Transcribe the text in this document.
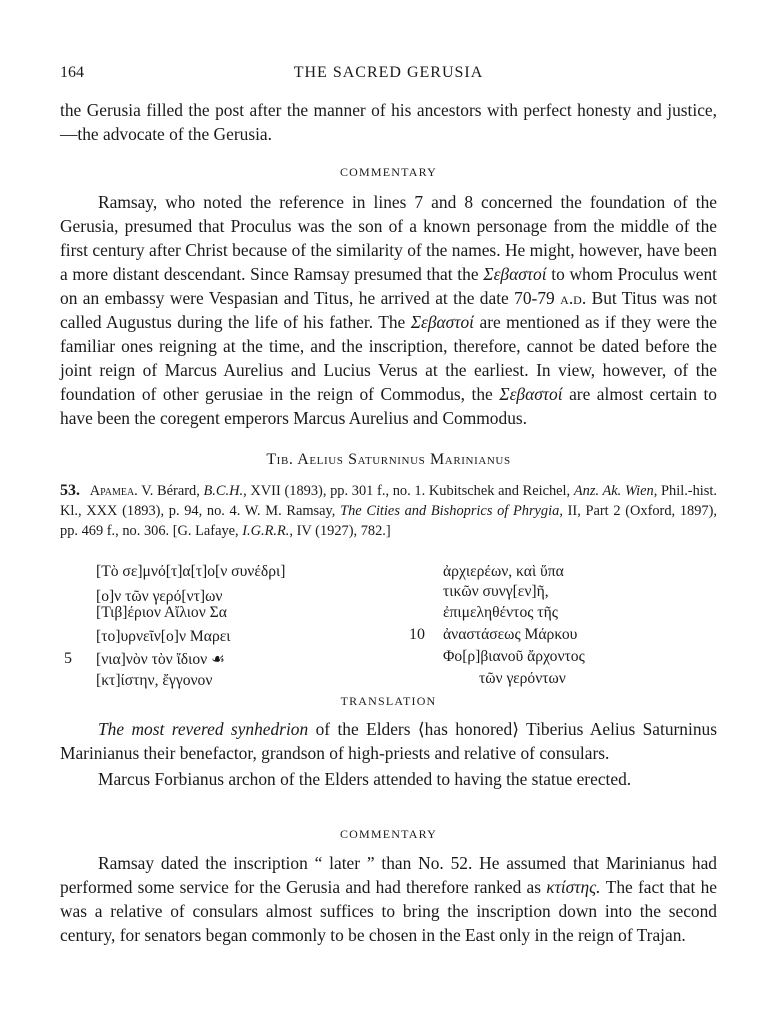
164	THE SACRED GERUSIA

the Gerusia filled the post after the manner of his ancestors with perfect honesty and justice,—the advocate of the Gerusia.

COMMENTARY

Ramsay, who noted the reference in lines 7 and 8 concerned the foundation of the Gerusia, presumed that Proculus was the son of a known personage from the middle of the first century after Christ because of the similarity of the names. He might, however, have been a more distant descendant. Since Ramsay presumed that the Σεβαστοί to whom Proculus went on an embassy were Vespasian and Titus, he arrived at the date 70-79 a.d. But Titus was not called Augustus during the life of his father. The Σεβαστοί are mentioned as if they were the familiar ones reigning at the time, and the inscription, therefore, cannot be dated before the joint reign of Marcus Aurelius and Lucius Verus at the earliest. In view, however, of the foundation of other gerusiae in the reign of Commodus, the Σεβαστοί are almost certain to have been the coregent emperors Marcus Aurelius and Commodus.

Tib. Aelius Saturninus Marinianus
53. Apamea. V. Bérard, B.C.H., XVII (1893), pp. 301 f., no. 1. Kubitschek and Reichel, Anz. Ak. Wien, Phil.-hist. Kl., XXX (1893), p. 94, no. 4. W. M. Ramsay, The Cities and Bishoprics of Phrygia, II, Part 2 (Oxford, 1897), pp. 469 f., no. 306. [G. Lafaye, I.G.R.R., IV (1927), 782.]
[Τὸ σε]μνό[τ]α[τ]ο[ν συνέδρι]
[ο]ν τῶν γερό[ντ]ων
[Τιβ]έριον Αἴλιον Σα
[το]υρνεῖν[ο]ν Μαρει
5 [νια]νὸν τὸν ἴδιον ☙
[κτ]ίστην, ἔγγονον
ἀρχιερέων, καὶ ὕπα
τικῶν συνγ[εν]ῆ,
ἐπιμεληθέντος τῆς
10 ἀναστάσεως Μάρκου
Φο[ρ]βιανοῦ ἄρχοντος
τῶν γερόντων
TRANSLATION

The most revered synhedrion of the Elders ⟨has honored⟩ Tiberius Aelius Saturninus Marinianus their benefactor, grandson of high-priests and relative of consulars.

Marcus Forbianus archon of the Elders attended to having the statue erected.

COMMENTARY

Ramsay dated the inscription “ later ” than No. 52. He assumed that Marinianus had performed some service for the Gerusia and had therefore ranked as κτίστης. The fact that he was a relative of consulars almost suffices to bring the inscription down into the second century, for senators began commonly to be chosen in the East only in the reign of Trajan.
